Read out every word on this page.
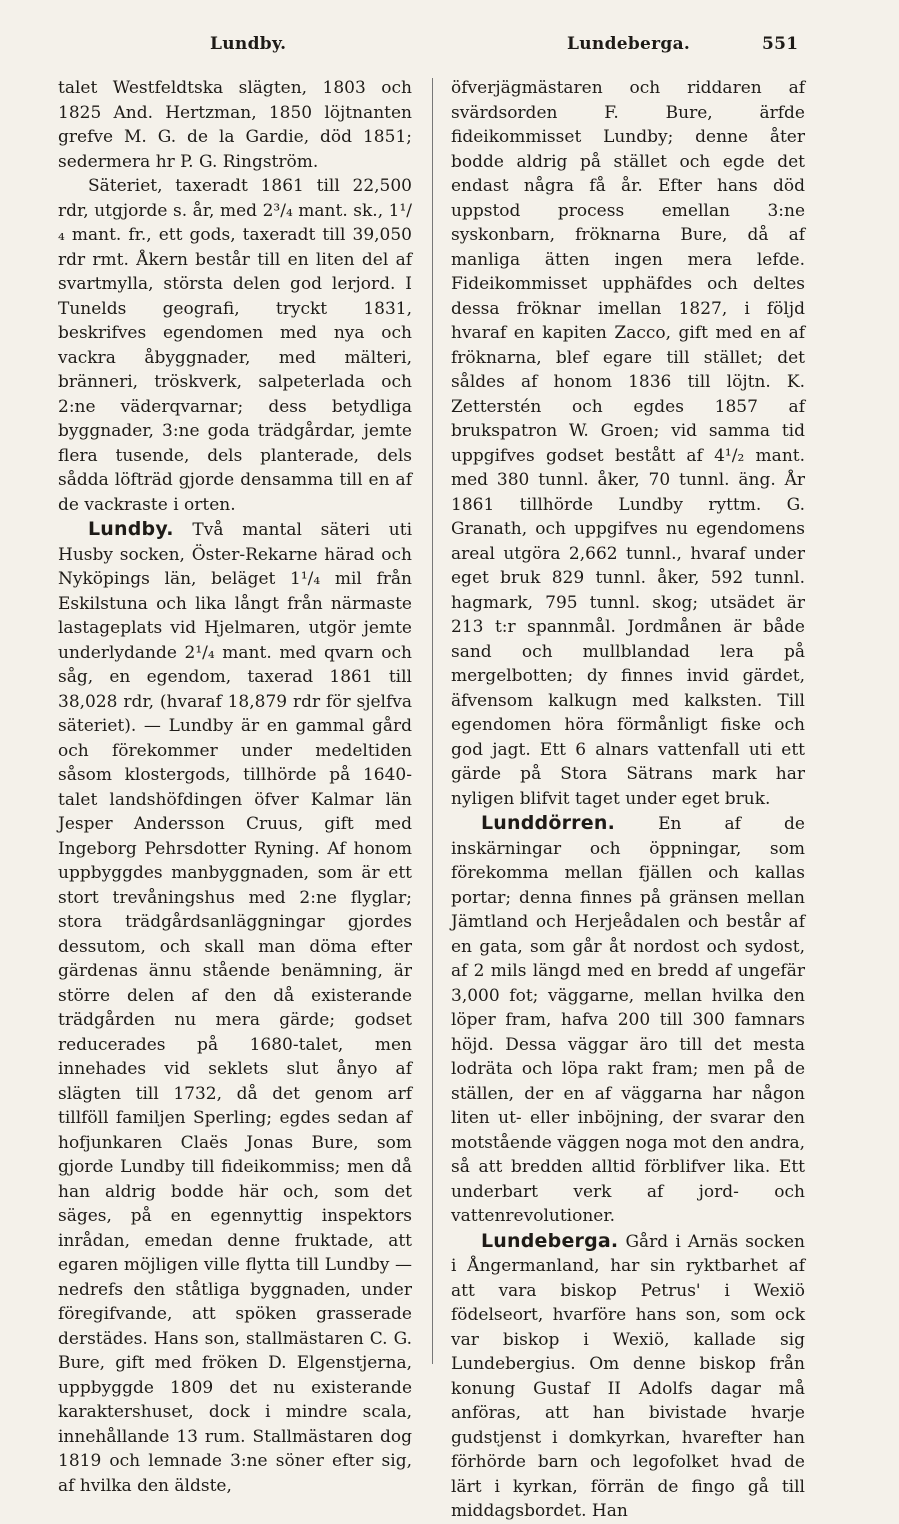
Lundby.	Lundeberga.	551

talet Westfeldtska slägten, 1803 och 1825 And. Hertzman, 1850 löjtnanten grefve M. G. de la Gardie, död 1851; sedermera hr P. G. Ringström.

Säteriet, taxeradt 1861 till 22,500 rdr, utgjorde s. år, med 2³/₄ mant. sk., 1¹/₄ mant. fr., ett gods, taxeradt till 39,050 rdr rmt. Åkern består till en liten del af svartmylla, största delen god lerjord. I Tunelds geografi, tryckt 1831, beskrifves egendomen med nya och vackra åbyggnader, med mälteri, bränneri, tröskverk, salpeterlada och 2:ne väderqvarnar; dess betydliga byggnader, 3:ne goda trädgårdar, jemte flera tusende, dels planterade, dels sådda löfträd gjorde densamma till en af de vackraste i orten.

Lundby. Två mantal säteri uti Husby socken, Öster-Rekarne härad och Nyköpings län, beläget 1¹/₄ mil från Eskilstuna och lika långt från närmaste lastageplats vid Hjelmaren, utgör jemte underlydande 2¹/₄ mant. med qvarn och såg, en egendom, taxerad 1861 till 38,028 rdr, (hvaraf 18,879 rdr för sjelfva säteriet). — Lundby är en gammal gård och förekommer under medeltiden såsom klostergods, tillhörde på 1640-talet landshöfdingen öfver Kalmar län Jesper Andersson Cruus, gift med Ingeborg Pehrsdotter Ryning. Af honom uppbyggdes manbyggnaden, som är ett stort trevåningshus med 2:ne flyglar; stora trädgårdsanläggningar gjordes dessutom, och skall man döma efter gärdenas ännu stående benämning, är större delen af den då existerande trädgården nu mera gärde; godset reducerades på 1680-talet, men innehades vid seklets slut ånyo af slägten till 1732, då det genom arf tillföll familjen Sperling; egdes sedan af hofjunkaren Claës Jonas Bure, som gjorde Lundby till fideikommiss; men då han aldrig bodde här och, som det säges, på en egennyttig inspektors inrådan, emedan denne fruktade, att egaren möjligen ville flytta till Lundby — nedrefs den ståtliga byggnaden, under föregifvande, att spöken grasserade derstädes. Hans son, stallmästaren C. G. Bure, gift med fröken D. Elgenstjerna, uppbyggde 1809 det nu existerande karaktershuset, dock i mindre scala, innehållande 13 rum. Stallmästaren dog 1819 och lemnade 3:ne söner efter sig, af hvilka den äldste,

öfverjägmästaren och riddaren af svärdsorden F. Bure, ärfde fideikommisset Lundby; denne åter bodde aldrig på stället och egde det endast några få år. Efter hans död uppstod process emellan 3:ne syskonbarn, fröknarna Bure, då af manliga ätten ingen mera lefde. Fideikommisset upphäfdes och deltes dessa fröknar imellan 1827, i följd hvaraf en kapiten Zacco, gift med en af fröknarna, blef egare till stället; det såldes af honom 1836 till löjtn. K. Zetterstén och egdes 1857 af brukspatron W. Groen; vid samma tid uppgifves godset bestått af 4¹/₂ mant. med 380 tunnl. åker, 70 tunnl. äng. År 1861 tillhörde Lundby ryttm. G. Granath, och uppgifves nu egendomens areal utgöra 2,662 tunnl., hvaraf under eget bruk 829 tunnl. åker, 592 tunnl. hagmark, 795 tunnl. skog; utsädet är 213 t:r spannmål. Jordmånen är både sand och mullblandad lera på mergelbotten; dy finnes invid gärdet, äfvensom kalkugn med kalksten. Till egendomen höra förmånligt fiske och god jagt. Ett 6 alnars vattenfall uti ett gärde på Stora Sätrans mark har nyligen blifvit taget under eget bruk.

Lunddörren.	En af de inskärningar och öppningar, som förekomma mellan fjällen och kallas portar; denna finnes på gränsen mellan Jämtland och Herjeådalen och består af en gata, som går åt nordost och sydost, af 2 mils längd med en bredd af ungefär 3,000 fot; väggarne, mellan hvilka den löper fram, hafva 200 till 300 famnars höjd. Dessa väggar äro till det mesta lodräta och löpa rakt fram; men på de ställen, der en af väggarna har någon liten ut- eller inböjning, der svarar den motstående väggen noga mot den andra, så att bredden alltid förblifver lika. Ett underbart verk af jord- och vattenrevolutioner.

Lundeberga. Gård i Arnäs socken i Ångermanland, har sin ryktbarhet af att vara biskop Petrus' i Wexiö födelseort, hvarföre hans son, som ock var biskop i Wexiö, kallade sig Lundebergius. Om denne biskop från konung Gustaf II Adolfs dagar må anföras, att han bivistade hvarje gudstjenst i domkyrkan, hvarefter han förhörde barn och legofolket hvad de lärt i kyrkan, förrän de fingo gå till middagsbordet. Han
